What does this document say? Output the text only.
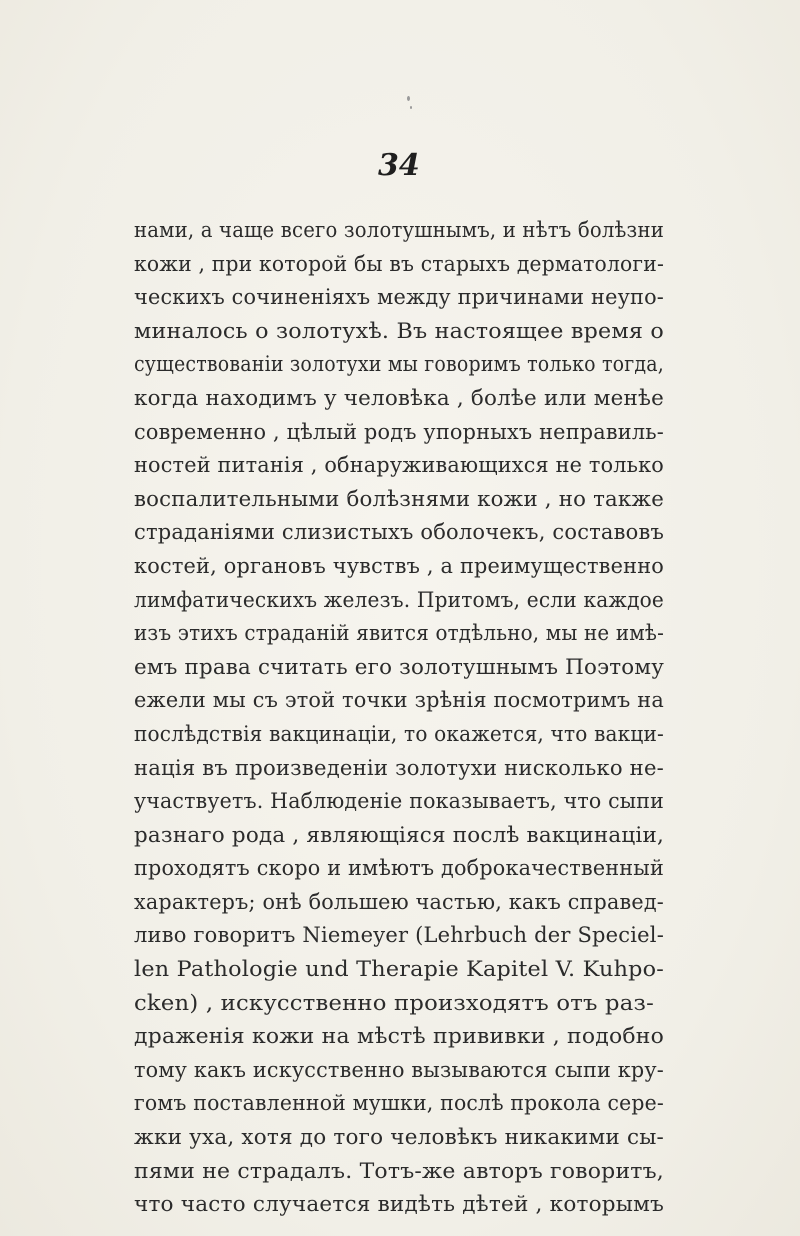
34
нами, а чаще всего золотушнымъ, и нѣтъ болѣзни
кожи , при которой бы въ старыхъ дерматологи-
ческихъ сочиненіяхъ между причинами неупо-
миналось о золотухѣ. Въ настоящее время о
существованіи золотухи мы говоримъ только тогда,
когда находимъ у человѣка , болѣе или менѣе
современно , цѣлый родъ упорныхъ неправиль-
ностей питанія , обнаруживающихся не только
воспалительными болѣзнями кожи , но также
страданіями слизистыхъ оболочекъ, составовъ
костей, органовъ чувствъ , а преимущественно
лимфатическихъ железъ. Притомъ, если каждое
изъ этихъ страданій явится отдѣльно, мы не имѣ-
емъ права считать его золотушнымъ Поэтому
ежели мы съ этой точки зрѣнія посмотримъ на
послѣдствія вакцинаціи, то окажется, что вакци-
нація въ произведеніи золотухи нисколько не-
участвуетъ. Наблюденіе показываетъ, что сыпи
разнаго рода , являющіяся послѣ вакцинаціи,
проходятъ скоро и имѣютъ доброкачественный
характеръ; онѣ большею частью, какъ справед-
ливо говоритъ Niemeyer (Lehrbuch der Speciel-
len Pathologie und Therapie Kapitel V. Kuhpo-
cken) , искусственно произходятъ отъ раз-
драженія кожи на мѣстѣ прививки , подобно
тому какъ искусственно вызываются сыпи кру-
гомъ поставленной мушки, послѣ прокола сере-
жки уха, хотя до того человѣкъ никакими сы-
пями не страдалъ. Тотъ-же авторъ говоритъ,
что часто случается видѣть дѣтей , которымъ
